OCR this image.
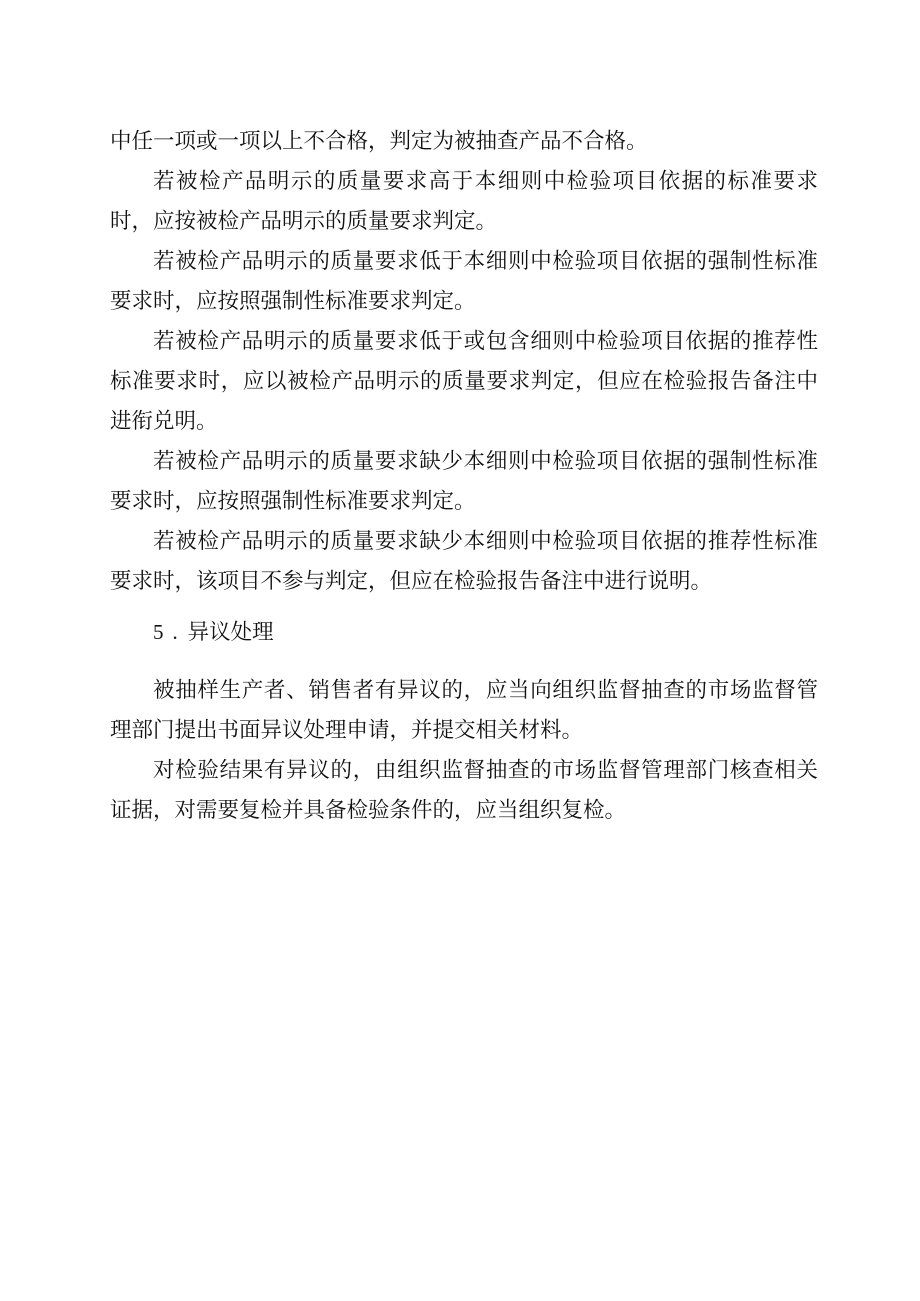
中任一项或一项以上不合格，判定为被抽查产品不合格。

若被检产品明示的质量要求高于本细则中检验项目依据的标准要求时，应按被检产品明示的质量要求判定。

若被检产品明示的质量要求低于本细则中检验项目依据的强制性标准要求时，应按照强制性标准要求判定。

若被检产品明示的质量要求低于或包含细则中检验项目依据的推荐性标准要求时，应以被检产品明示的质量要求判定，但应在检验报告备注中进衔兑明。

若被检产品明示的质量要求缺少本细则中检验项目依据的强制性标准要求时，应按照强制性标准要求判定。

若被检产品明示的质量要求缺少本细则中检验项目依据的推荐性标准要求时，该项目不参与判定，但应在检验报告备注中进行说明。

5 . 异议处理

被抽样生产者、销售者有异议的，应当向组织监督抽查的市场监督管理部门提出书面异议处理申请，并提交相关材料。

对检验结果有异议的，由组织监督抽查的市场监督管理部门核查相关证据，对需要复检并具备检验条件的，应当组织复检。
